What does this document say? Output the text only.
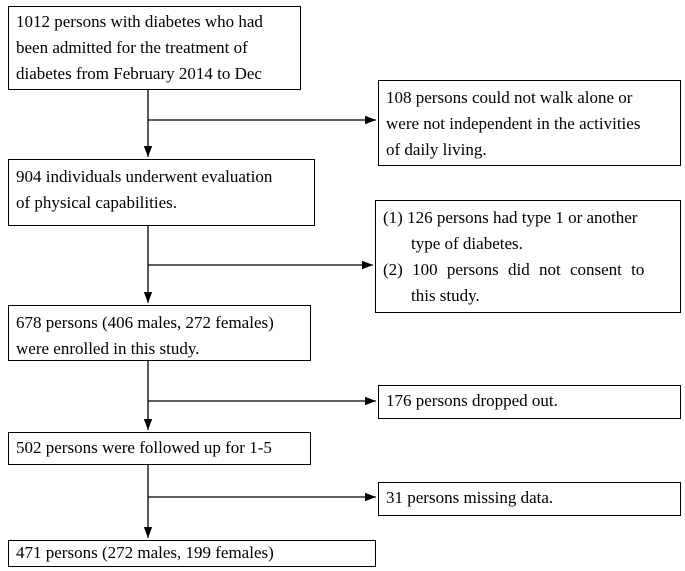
1012 persons with diabetes who had
been admitted for the treatment of
diabetes from February 2014 to Dec
904 individuals underwent evaluation
of physical capabilities.
678 persons (406 males, 272 females)
were enrolled in this study.
502 persons were followed up for 1-5
471 persons (272 males, 199 females)
108 persons could not walk alone or
were not independent in the activities
of daily living.
(1) 126 persons had type 1 or another
type of diabetes.
(2) 100 persons did not consent to
this study.
176 persons dropped out.
31 persons missing data.
